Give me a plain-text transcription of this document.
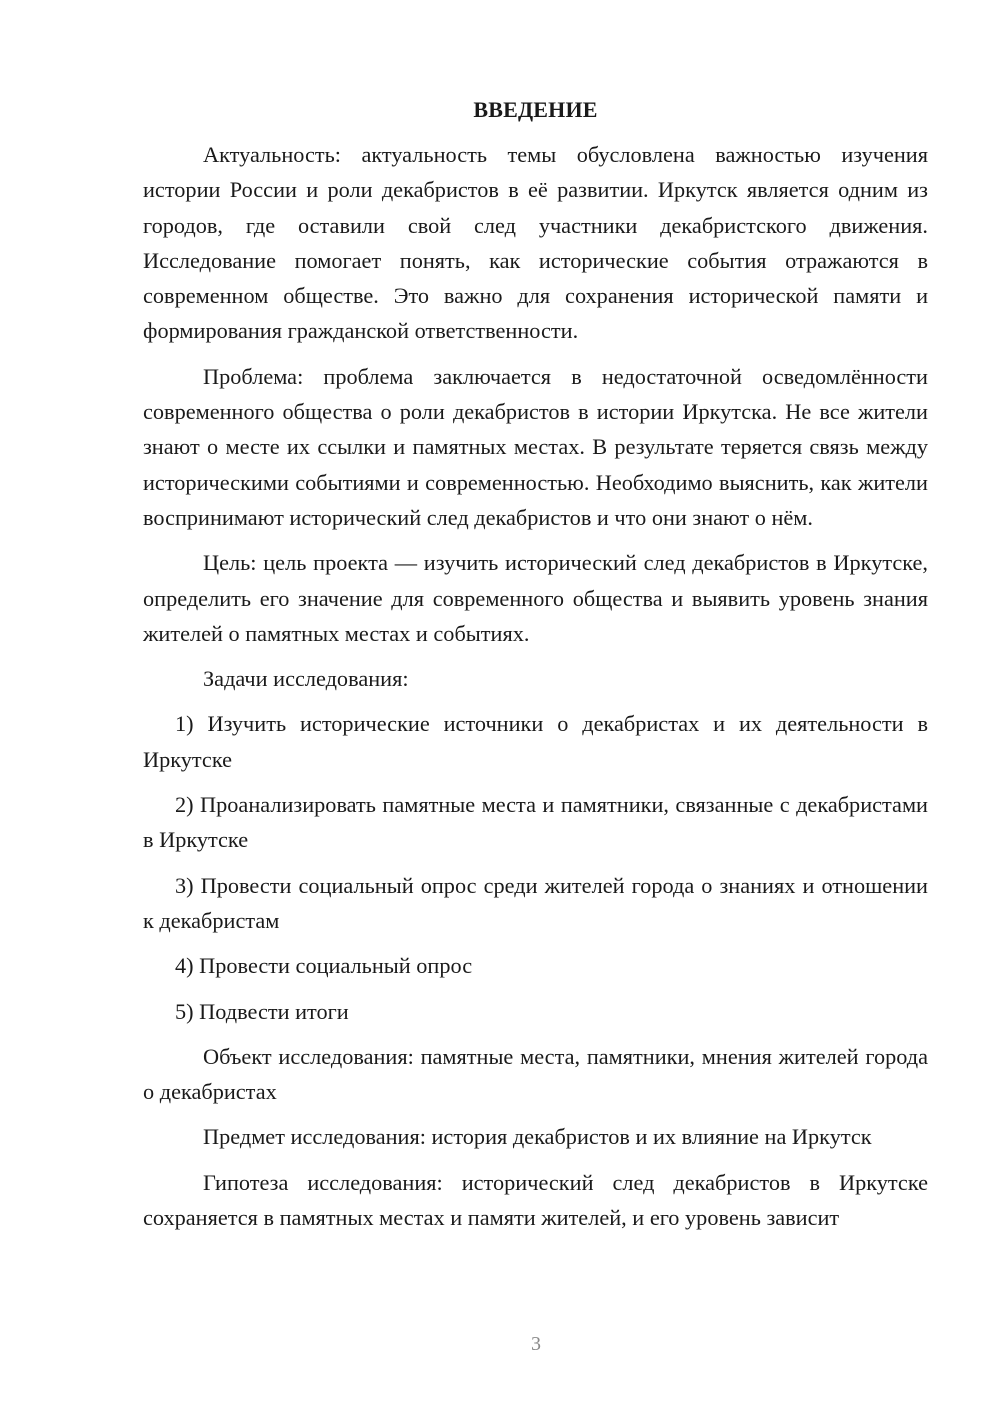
ВВЕДЕНИЕ

Актуальность: актуальность темы обусловлена важностью изучения истории России и роли декабристов в её развитии. Иркутск является одним из городов, где оставили свой след участники декабристского движения. Исследование помогает понять, как исторические события отражаются в современном обществе. Это важно для сохранения исторической памяти и формирования гражданской ответственности.

Проблема: проблема заключается в недостаточной осведомлённости современного общества о роли декабристов в истории Иркутска. Не все жители знают о месте их ссылки и памятных местах. В результате теряется связь между историческими событиями и современностью. Необходимо выяснить, как жители воспринимают исторический след декабристов и что они знают о нём.

Цель: цель проекта — изучить исторический след декабристов в Иркутске, определить его значение для современного общества и выявить уровень знания жителей о памятных местах и событиях.

Задачи исследования:

1) Изучить исторические источники о декабристах и их деятельности в Иркутске

2) Проанализировать памятные места и памятники, связанные с декабристами в Иркутске

3) Провести социальный опрос среди жителей города о знаниях и отношении к декабристам

4) Провести социальный опрос

5) Подвести итоги

Объект исследования: памятные места, памятники, мнения жителей города о декабристах

Предмет исследования: история декабристов и их влияние на Иркутск

Гипотеза исследования: исторический след декабристов в Иркутске сохраняется в памятных местах и памяти жителей, и его уровень зависит

3
